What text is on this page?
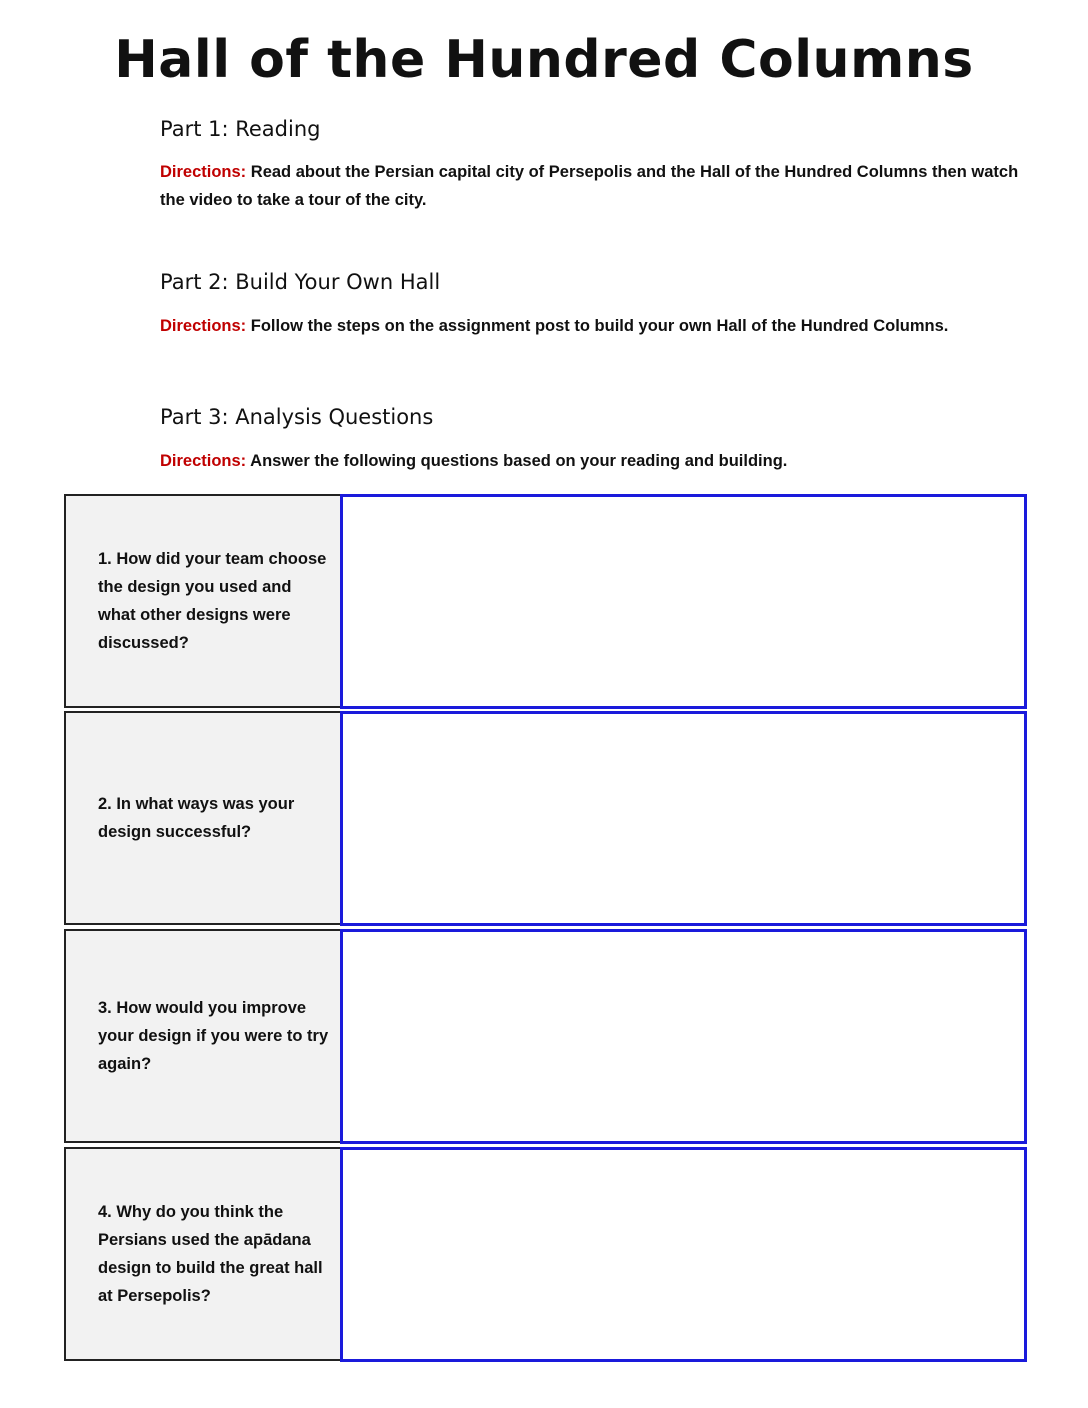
Hall of the Hundred Columns
Part 1: Reading
Directions: Read about the Persian capital city of Persepolis and the Hall of the Hundred Columns then watch the video to take a tour of the city.
Part 2: Build Your Own Hall
Directions: Follow the steps on the assignment post to build your own Hall of the Hundred Columns.
Part 3: Analysis Questions
Directions: Answer the following questions based on your reading and building.
1. How did your team choose the design you used and what other designs were discussed?
2. In what ways was your design successful?
3. How would you improve your design if you were to try again?
4. Why do you think the Persians used the apādana design to build the great hall at Persepolis?
